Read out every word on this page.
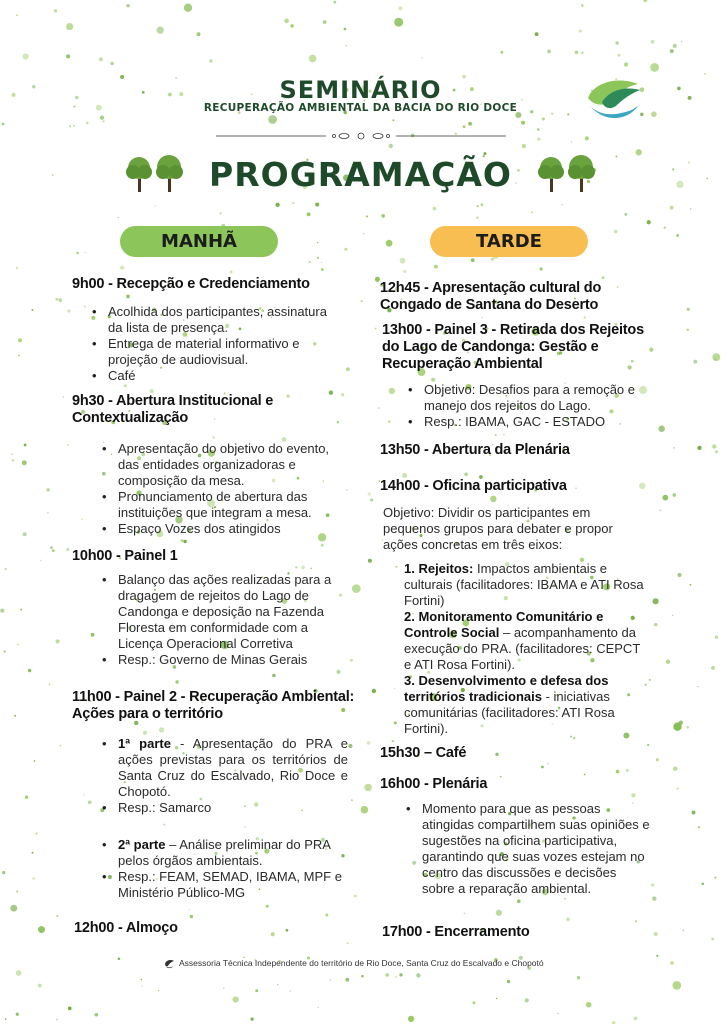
SEMINÁRIO
RECUPERAÇÃO AMBIENTAL DA BACIA DO RIO DOCE
PROGRAMAÇÃO
MANHÃ	TARDE
9h00 - Recepção e Credenciamento
• Acolhida dos participantes, assinatura da lista de presença.
• Entrega de material informativo e projeção de audiovisual.
• Café
9h30 - Abertura Institucional e Contextualização
• Apresentação do objetivo do evento, das entidades organizadoras e composição da mesa.
• Pronunciamento de abertura das instituições que integram a mesa.
• Espaço Vozes dos atingidos
10h00 - Painel 1
• Balanço das ações realizadas para a dragagem de rejeitos do Lago de Candonga e deposição na Fazenda Floresta em conformidade com a Licença Operacional Corretiva
• Resp.: Governo de Minas Gerais
11h00 - Painel 2 - Recuperação Ambiental: Ações para o território
• 1ª parte - Apresentação do PRA e ações previstas para os territórios de Santa Cruz do Escalvado, Rio Doce e Chopotó.
• Resp.: Samarco
• 2ª parte – Análise preliminar do PRA pelos órgãos ambientais.
• Resp.: FEAM, SEMAD, IBAMA, MPF e Ministério Público-MG
12h00 - Almoço
12h45 - Apresentação cultural do Congado de Santana do Deserto
13h00 - Painel 3 - Retirada dos Rejeitos do Lago de Candonga: Gestão e Recuperação Ambiental
• Objetivo: Desafios para a remoção e manejo dos rejeitos do Lago.
• Resp.: IBAMA, GAC - ESTADO
13h50 - Abertura da Plenária
14h00 - Oficina participativa
Objetivo: Dividir os participantes em pequenos grupos para debater e propor ações concretas em três eixos:
1. Rejeitos: Impactos ambientais e culturais (facilitadores: IBAMA e ATI Rosa Fortini)
2. Monitoramento Comunitário e Controle Social – acompanhamento da execução do PRA. (facilitadores: CEPCT e ATI Rosa Fortini).
3. Desenvolvimento e defesa dos territórios tradicionais - iniciativas comunitárias (facilitadores: ATI Rosa Fortini).
15h30 – Café
16h00 - Plenária
• Momento para que as pessoas atingidas compartilhem suas opiniões e sugestões na oficina participativa, garantindo que suas vozes estejam no centro das discussões e decisões sobre a reparação ambiental.
17h00 - Encerramento
Assessoria Técnica Independente do território de Rio Doce, Santa Cruz do Escalvado e Chopotó
